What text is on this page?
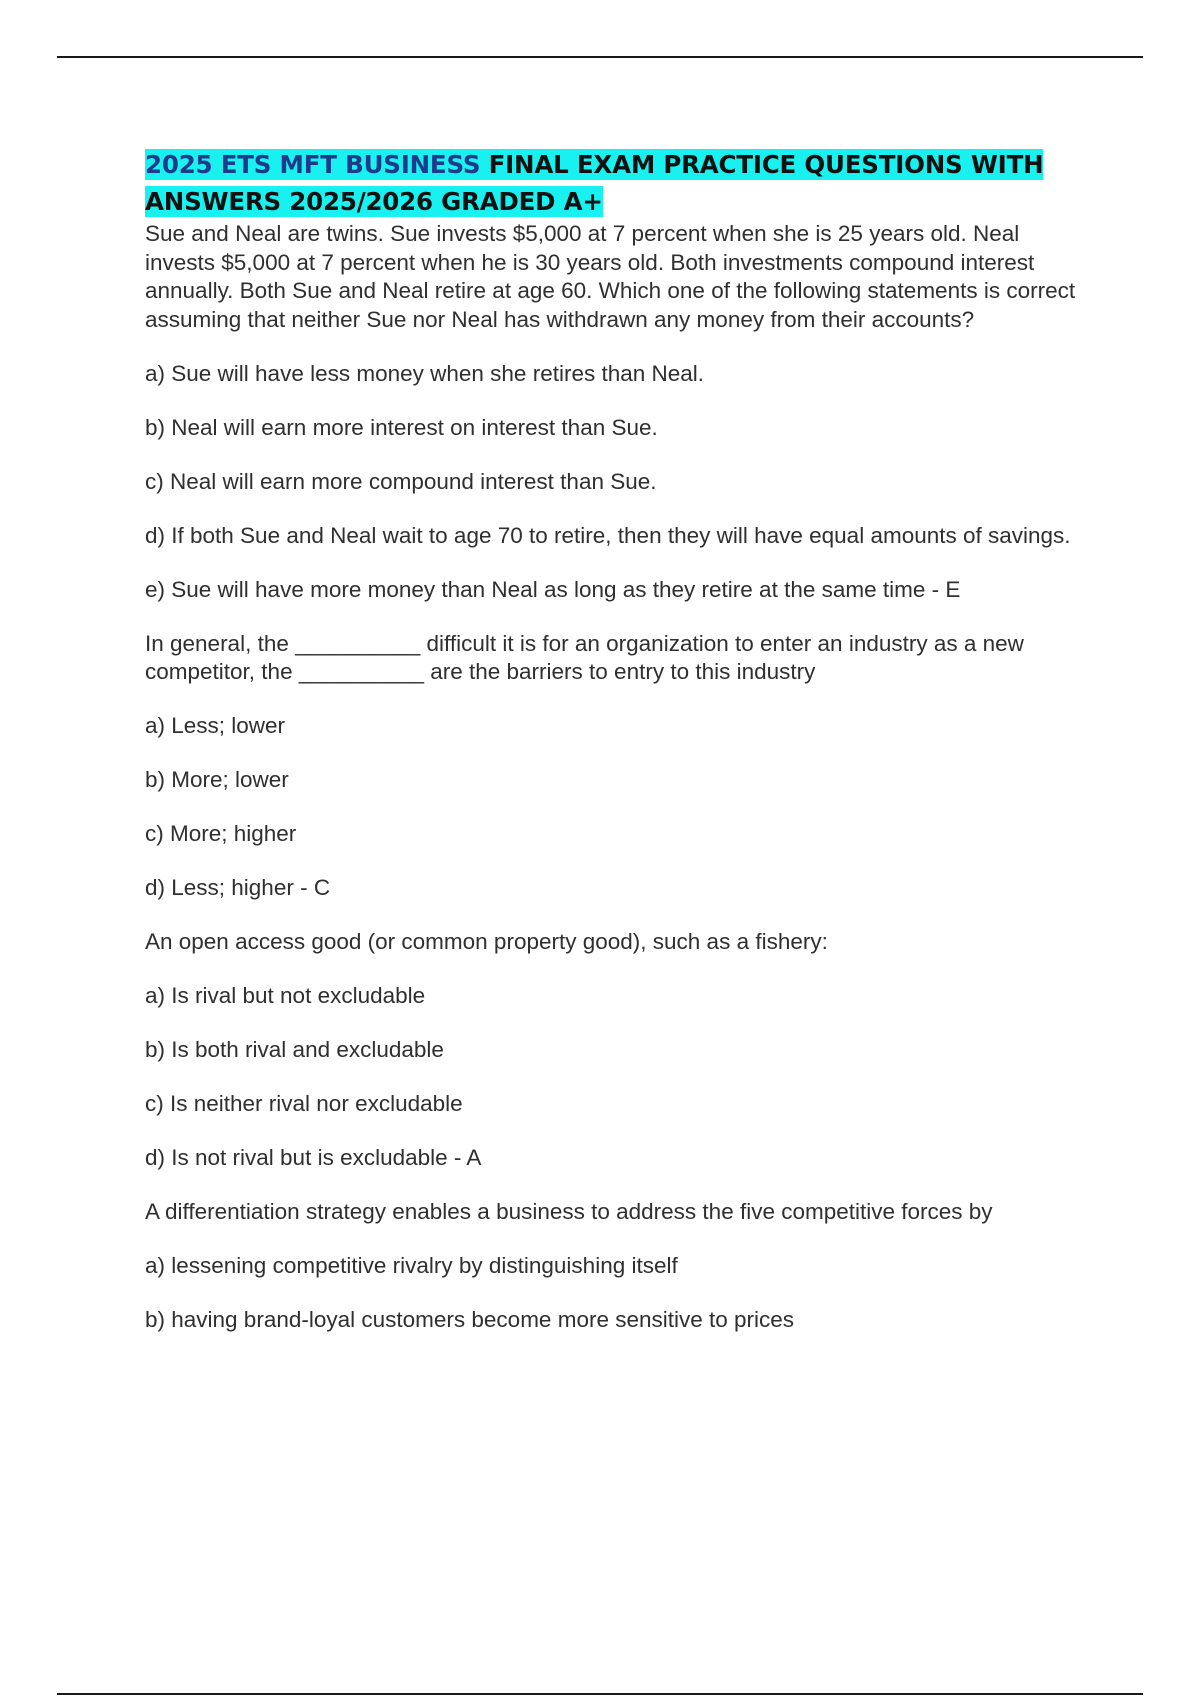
2025 ETS MFT BUSINESS FINAL EXAM PRACTICE QUESTIONS WITH ANSWERS 2025/2026 GRADED A+

Sue and Neal are twins. Sue invests $5,000 at 7 percent when she is 25 years old. Neal invests $5,000 at 7 percent when he is 30 years old. Both investments compound interest annually. Both Sue and Neal retire at age 60. Which one of the following statements is correct assuming that neither Sue nor Neal has withdrawn any money from their accounts?

a) Sue will have less money when she retires than Neal.

b) Neal will earn more interest on interest than Sue.

c) Neal will earn more compound interest than Sue.

d) If both Sue and Neal wait to age 70 to retire, then they will have equal amounts of savings.

e) Sue will have more money than Neal as long as they retire at the same time - E

In general, the __________ difficult it is for an organization to enter an industry as a new competitor, the __________ are the barriers to entry to this industry

a) Less; lower

b) More; lower

c) More; higher

d) Less; higher - C

An open access good (or common property good), such as a fishery:

a) Is rival but not excludable

b) Is both rival and excludable

c) Is neither rival nor excludable

d) Is not rival but is excludable - A

A differentiation strategy enables a business to address the five competitive forces by

a) lessening competitive rivalry by distinguishing itself

b) having brand-loyal customers become more sensitive to prices
